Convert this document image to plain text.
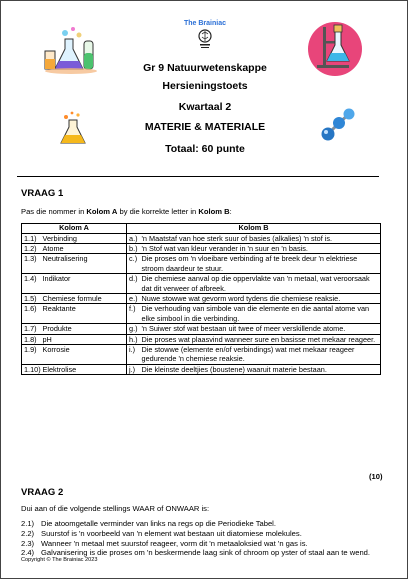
The Brainiac
Gr 9 Natuurwetenskappe
Hersieningstoets
Kwartaal 2
MATERIE & MATERIALE
Totaal: 60 punte
VRAAG 1
Pas die nommer in Kolom A by die korrekte letter in Kolom B:
Kolom A		Kolom B	
1.1)	Verbinding	a.)	'n Maatstaf van hoe sterk suur of basies (alkalies) 'n stof is.
1.2)	Atome	b.)	'n Stof wat van kleur verander in 'n suur en 'n basis.
1.3)	Neutralisering	c.)	Die proses om 'n vloeibare verbinding af te breek deur 'n elektriese stroom daardeur te stuur.
1.4)	Indikator	d.)	Die chemiese aanval op die oppervlakte van 'n metaal, wat veroorsaak dat dit verweer of afbreek.
1.5)	Chemiese formule	e.)	Nuwe stowwe wat gevorm word tydens die chemiese reaksie.
1.6)	Reaktante	f.)	Die verhouding van simbole van die elemente en die aantal atome van elke simbool in die verbinding.
1.7)	Produkte	g.)	'n Suiwer stof wat bestaan uit twee of meer verskillende atome.
1.8)	pH	h.)	Die proses wat plaasvind wanneer sure en basisse met mekaar reageer.
1.9)	Korrosie	i.)	Die stowwe (elemente en/of verbindings) wat met mekaar reageer gedurende 'n chemiese reaksie.
1.10)	Elektrolise	j.)	Die kleinste deeltjies (boustene) waaruit materie bestaan.
(10)
VRAAG 2
Dui aan of die volgende stellings WAAR of ONWAAR is:
2.1) Die atoomgetalle verminder van links na regs op die Periodieke Tabel.
2.2) Suurstof is 'n voorbeeld van 'n element wat bestaan uit diatomiese molekules.
2.3) Wanneer 'n metaal met suurstof reageer, vorm dit 'n metaaloksied wat 'n gas is.
2.4) Galvanisering is die proses om 'n beskermende laag sink of chroom op yster of staal aan te wend.
Copyright © The Brainiac 2023
